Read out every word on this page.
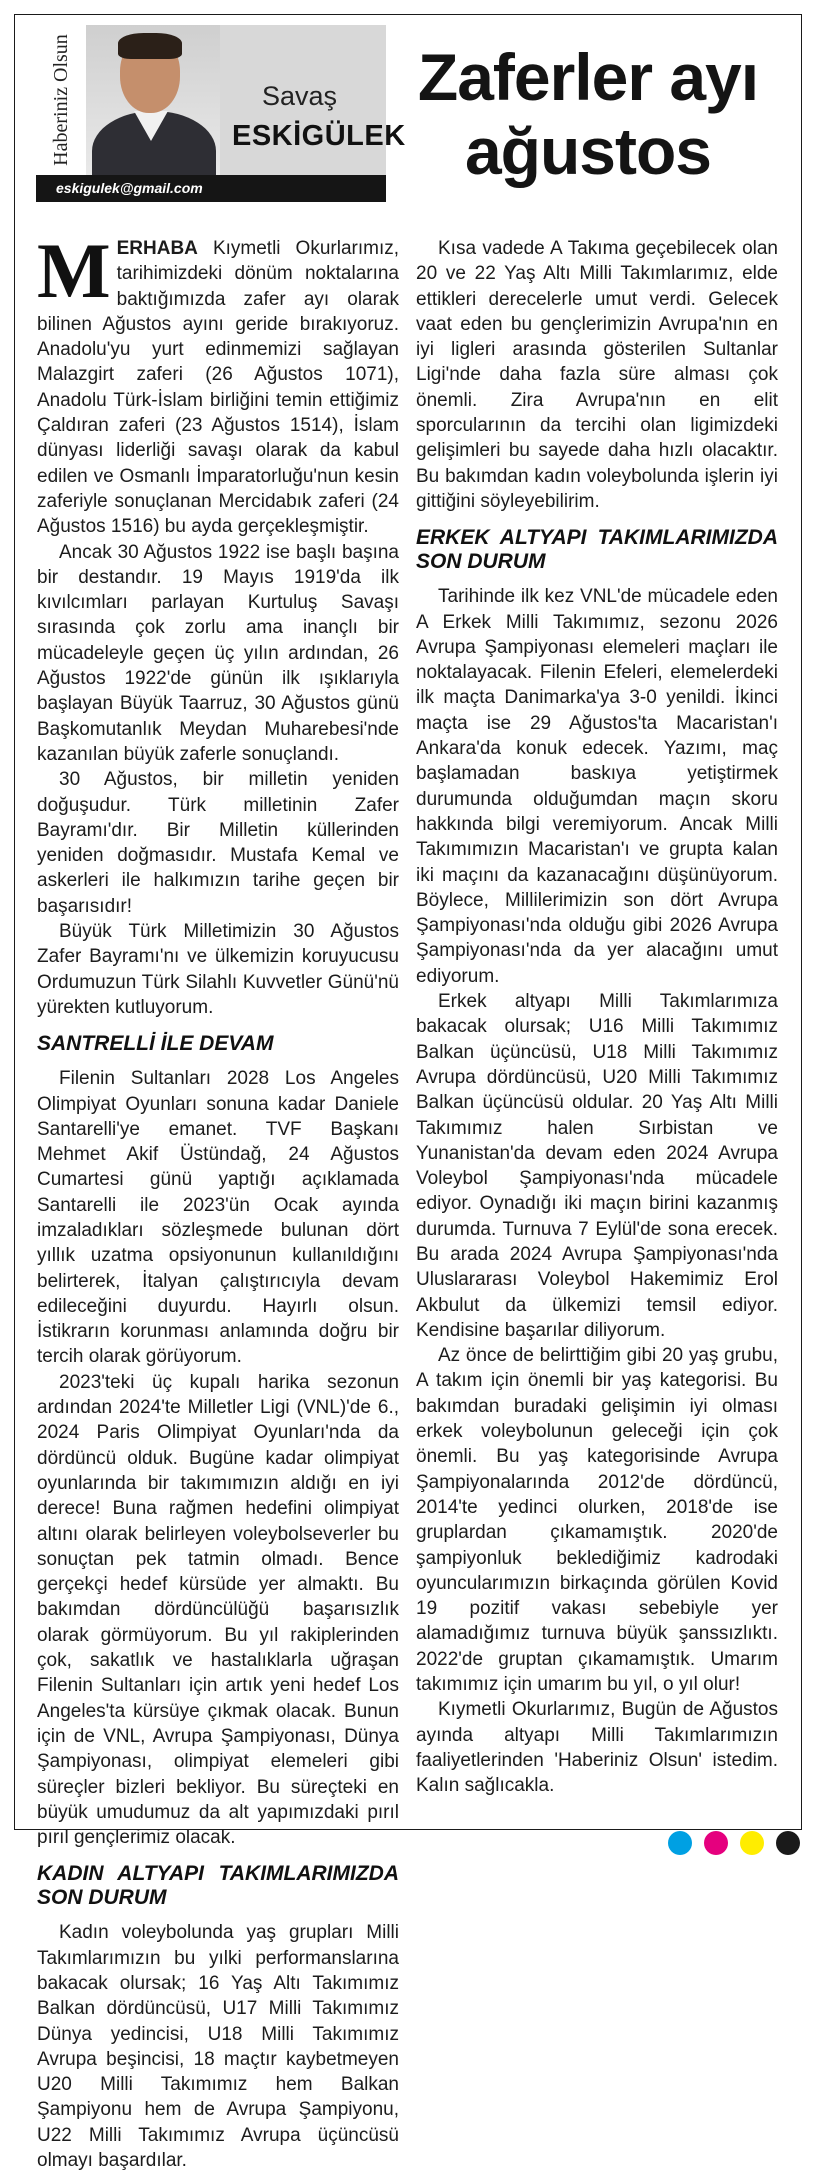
Haberiniz Olsun	Savaş
ESKİGÜLEK
eskigulek@gmail.com
Zaferler ayı ağustos

MERHABA Kıymetli Okurlarımız, tarihimizdeki dönüm noktalarına baktığımızda zafer ayı olarak bilinen Ağustos ayını geride bırakıyoruz. Anadolu'yu yurt edinmemizi sağlayan Malazgirt zaferi (26 Ağustos 1071), Anadolu Türk-İslam birliğini temin ettiğimiz Çaldıran zaferi (23 Ağustos 1514), İslam dünyası liderliği savaşı olarak da kabul edilen ve Osmanlı İmparatorluğu'nun kesin zaferiyle sonuçlanan Mercidabık zaferi (24 Ağustos 1516) bu ayda gerçekleşmiştir.

Ancak 30 Ağustos 1922 ise başlı başına bir destandır. 19 Mayıs 1919'da ilk kıvılcımları parlayan Kurtuluş Savaşı sırasında çok zorlu ama inançlı bir mücadeleyle geçen üç yılın ardından, 26 Ağustos 1922'de günün ilk ışıklarıyla başlayan Büyük Taarruz, 30 Ağustos günü Başkomutanlık Meydan Muharebesi'nde kazanılan büyük zaferle sonuçlandı.

30 Ağustos, bir milletin yeniden doğuşudur. Türk milletinin Zafer Bayramı'dır. Bir Milletin küllerinden yeniden doğmasıdır. Mustafa Kemal ve askerleri ile halkımızın tarihe geçen bir başarısıdır!

Büyük Türk Milletimizin 30 Ağustos Zafer Bayramı'nı ve ülkemizin koruyucusu Ordumuzun Türk Silahlı Kuvvetler Günü'nü yürekten kutluyorum.

SANTRELLİ İLE DEVAM

Filenin Sultanları 2028 Los Angeles Olimpiyat Oyunları sonuna kadar Daniele Santarelli'ye emanet. TVF Başkanı Mehmet Akif Üstündağ, 24 Ağustos Cumartesi günü yaptığı açıklamada Santarelli ile 2023'ün Ocak ayında imzaladıkları sözleşmede bulunan dört yıllık uzatma opsiyonunun kullanıldığını belirterek, İtalyan çalıştırıcıyla devam edileceğini duyurdu. Hayırlı olsun. İstikrarın korunması anlamında doğru bir tercih olarak görüyorum.

2023'teki üç kupalı harika sezonun ardından 2024'te Milletler Ligi (VNL)'de 6., 2024 Paris Olimpiyat Oyunları'nda da dördüncü olduk. Bugüne kadar olimpiyat oyunlarında bir takımımızın aldığı en iyi derece! Buna rağmen hedefini olimpiyat altını olarak belirleyen voleybolseverler bu sonuçtan pek tatmin olmadı. Bence gerçekçi hedef kürsüde yer almaktı. Bu bakımdan dördüncülüğü başarısızlık olarak görmüyorum. Bu yıl rakiplerinden çok, sakatlık ve hastalıklarla uğraşan Filenin Sultanları için artık yeni hedef Los Angeles'ta kürsüye çıkmak olacak. Bunun için de VNL, Avrupa Şampiyonası, Dünya Şampiyonası, olimpiyat elemeleri gibi süreçler bizleri bekliyor. Bu süreçteki en büyük umudumuz da alt yapımızdaki pırıl pırıl gençlerimiz olacak.

KADIN ALTYAPI TAKIMLARIMIZDA SON DURUM

Kadın voleybolunda yaş grupları Milli Takımlarımızın bu yılki performanslarına bakacak olursak; 16 Yaş Altı Takımımız Balkan dördüncüsü, U17 Milli Takımımız Dünya yedincisi, U18 Milli Takımımız Avrupa beşincisi, 18 maçtır kaybetmeyen U20 Milli Takımımız hem Balkan Şampiyonu hem de Avrupa Şampiyonu, U22 Milli Takımımız Avrupa üçüncüsü olmayı başardılar.

Kısa vadede A Takıma geçebilecek olan 20 ve 22 Yaş Altı Milli Takımlarımız, elde ettikleri derecelerle umut verdi. Gelecek vaat eden bu gençlerimizin Avrupa'nın en iyi ligleri arasında gösterilen Sultanlar Ligi'nde daha fazla süre alması çok önemli. Zira Avrupa'nın en elit sporcularının da tercihi olan ligimizdeki gelişimleri bu sayede daha hızlı olacaktır. Bu bakımdan kadın voleybolunda işlerin iyi gittiğini söyleyebilirim.

ERKEK ALTYAPI TAKIMLARIMIZDA SON DURUM

Tarihinde ilk kez VNL'de mücadele eden A Erkek Milli Takımımız, sezonu 2026 Avrupa Şampiyonası elemeleri maçları ile noktalayacak. Filenin Efeleri, elemelerdeki ilk maçta Danimarka'ya 3-0 yenildi. İkinci maçta ise 29 Ağustos'ta Macaristan'ı Ankara'da konuk edecek. Yazımı, maç başlamadan baskıya yetiştirmek durumunda olduğumdan maçın skoru hakkında bilgi veremiyorum. Ancak Milli Takımımızın Macaristan'ı ve grupta kalan iki maçını da kazanacağını düşünüyorum. Böylece, Millilerimizin son dört Avrupa Şampiyonası'nda olduğu gibi 2026 Avrupa Şampiyonası'nda da yer alacağını umut ediyorum.

Erkek altyapı Milli Takımlarımıza bakacak olursak; U16 Milli Takımımız Balkan üçüncüsü, U18 Milli Takımımız Avrupa dördüncüsü, U20 Milli Takımımız Balkan üçüncüsü oldular. 20 Yaş Altı Milli Takımımız halen Sırbistan ve Yunanistan'da devam eden 2024 Avrupa Voleybol Şampiyonası'nda mücadele ediyor. Oynadığı iki maçın birini kazanmış durumda. Turnuva 7 Eylül'de sona erecek. Bu arada 2024 Avrupa Şampiyonası'nda Uluslararası Voleybol Hakemimiz Erol Akbulut da ülkemizi temsil ediyor. Kendisine başarılar diliyorum.

Az önce de belirttiğim gibi 20 yaş grubu, A takım için önemli bir yaş kategorisi. Bu bakımdan buradaki gelişimin iyi olması erkek voleybolunun geleceği için çok önemli. Bu yaş kategorisinde Avrupa Şampiyonalarında 2012'de dördüncü, 2014'te yedinci olurken, 2018'de ise gruplardan çıkamamıştık. 2020'de şampiyonluk beklediğimiz kadrodaki oyuncularımızın birkaçında görülen Kovid 19 pozitif vakası sebebiyle yer alamadığımız turnuva büyük şanssızlıktı. 2022'de gruptan çıkamamıştık. Umarım takımımız için umarım bu yıl, o yıl olur!

Kıymetli Okurlarımız, Bugün de Ağustos ayında altyapı Milli Takımlarımızın faaliyetlerinden 'Haberiniz Olsun' istedim. Kalın sağlıcakla.
